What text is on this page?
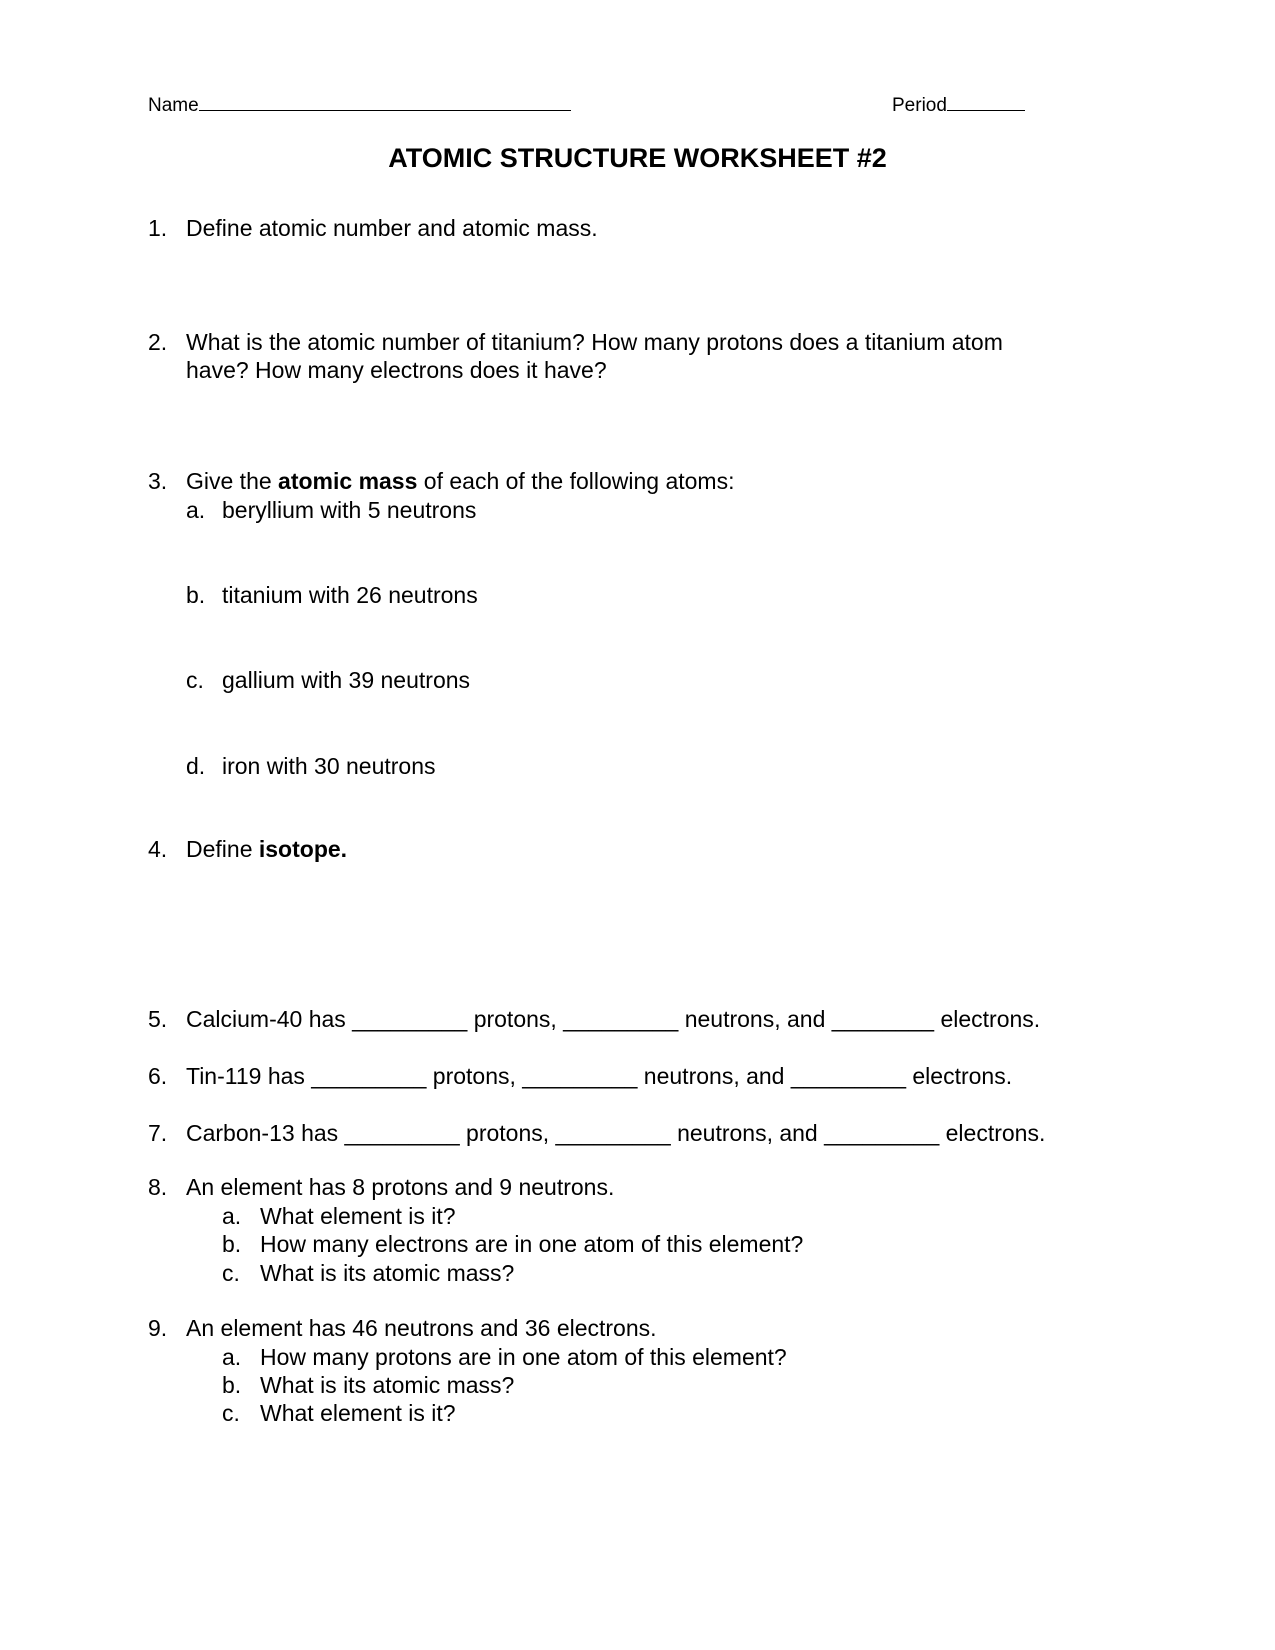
Name	Period
ATOMIC STRUCTURE WORKSHEET #2
1. Define atomic number and atomic mass.
2. What is the atomic number of titanium? How many protons does a titanium atom
have? How many electrons does it have?
3. Give the atomic mass of each of the following atoms:
a. beryllium with 5 neutrons
b. titanium with 26 neutrons
c. gallium with 39 neutrons
d. iron with 30 neutrons
4. Define isotope.
5. Calcium-40 has _________ protons, _________ neutrons, and ________ electrons.
6. Tin-119 has _________ protons, _________ neutrons, and _________ electrons.
7. Carbon-13 has _________ protons, _________ neutrons, and _________ electrons.
8. An element has 8 protons and 9 neutrons.
a. What element is it?
b. How many electrons are in one atom of this element?
c. What is its atomic mass?
9. An element has 46 neutrons and 36 electrons.
a. How many protons are in one atom of this element?
b. What is its atomic mass?
c. What element is it?
